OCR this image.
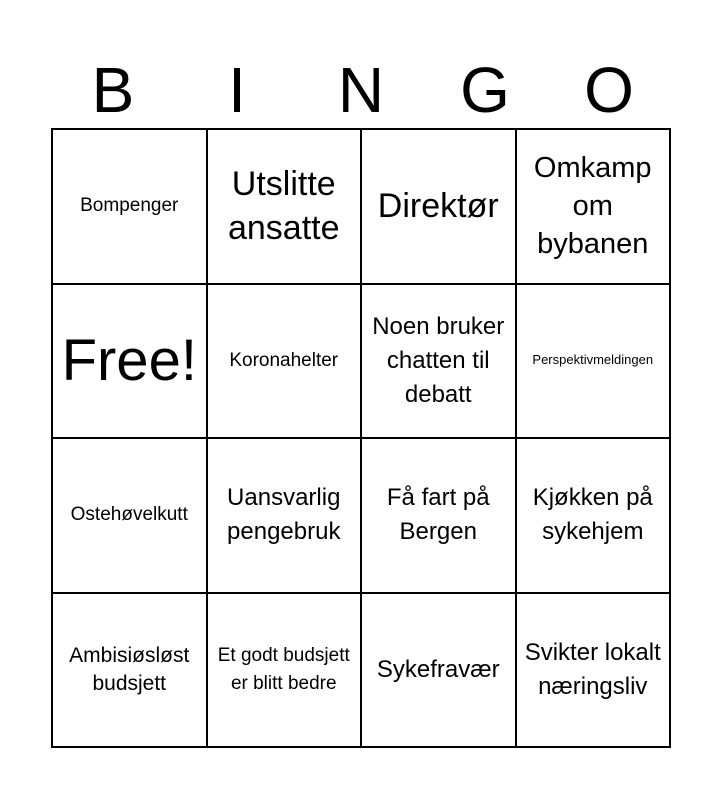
B	I	N	G	O
Bompenger
Utslitte ansatte
Direktør
Omkamp om bybanen
Free! Koronahelter
Noen bruker chatten til debatt
Perspektivmeldingen
Ostehøvelkutt
Uansvarlig pengebruk
Få fart på Bergen
Kjøkken på sykehjem
Ambisiøsløst budsjett
Et godt budsjett er blitt bedre
Sykefravær
Svikter lokalt næringsliv
